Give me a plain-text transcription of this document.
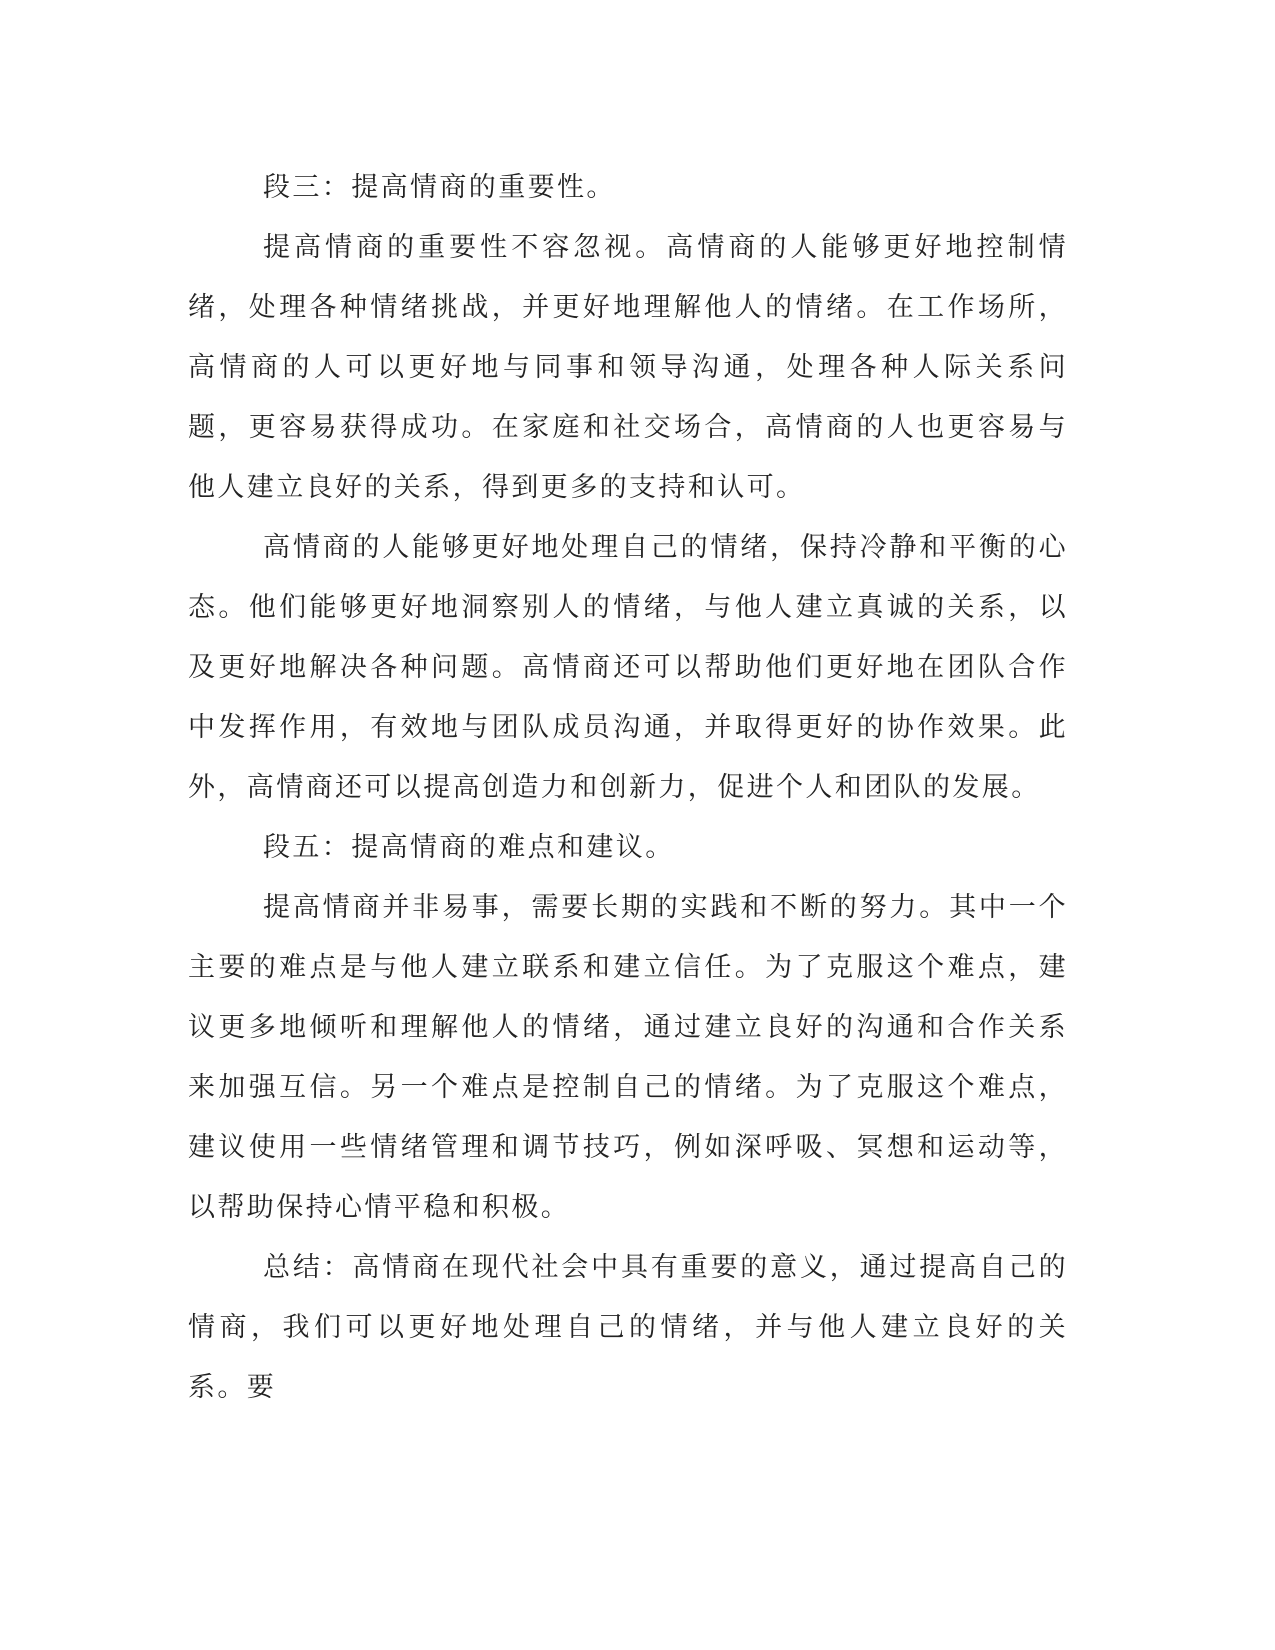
段三：提高情商的重要性。

提高情商的重要性不容忽视。高情商的人能够更好地控制情绪，处理各种情绪挑战，并更好地理解他人的情绪。在工作场所，高情商的人可以更好地与同事和领导沟通，处理各种人际关系问题，更容易获得成功。在家庭和社交场合，高情商的人也更容易与他人建立良好的关系，得到更多的支持和认可。

高情商的人能够更好地处理自己的情绪，保持冷静和平衡的心态。他们能够更好地洞察别人的情绪，与他人建立真诚的关系，以及更好地解决各种问题。高情商还可以帮助他们更好地在团队合作中发挥作用，有效地与团队成员沟通，并取得更好的协作效果。此外，高情商还可以提高创造力和创新力，促进个人和团队的发展。

段五：提高情商的难点和建议。

提高情商并非易事，需要长期的实践和不断的努力。其中一个主要的难点是与他人建立联系和建立信任。为了克服这个难点，建议更多地倾听和理解他人的情绪，通过建立良好的沟通和合作关系来加强互信。另一个难点是控制自己的情绪。为了克服这个难点，建议使用一些情绪管理和调节技巧，例如深呼吸、冥想和运动等，以帮助保持心情平稳和积极。

总结：高情商在现代社会中具有重要的意义，通过提高自己的情商，我们可以更好地处理自己的情绪，并与他人建立良好的关系。要
